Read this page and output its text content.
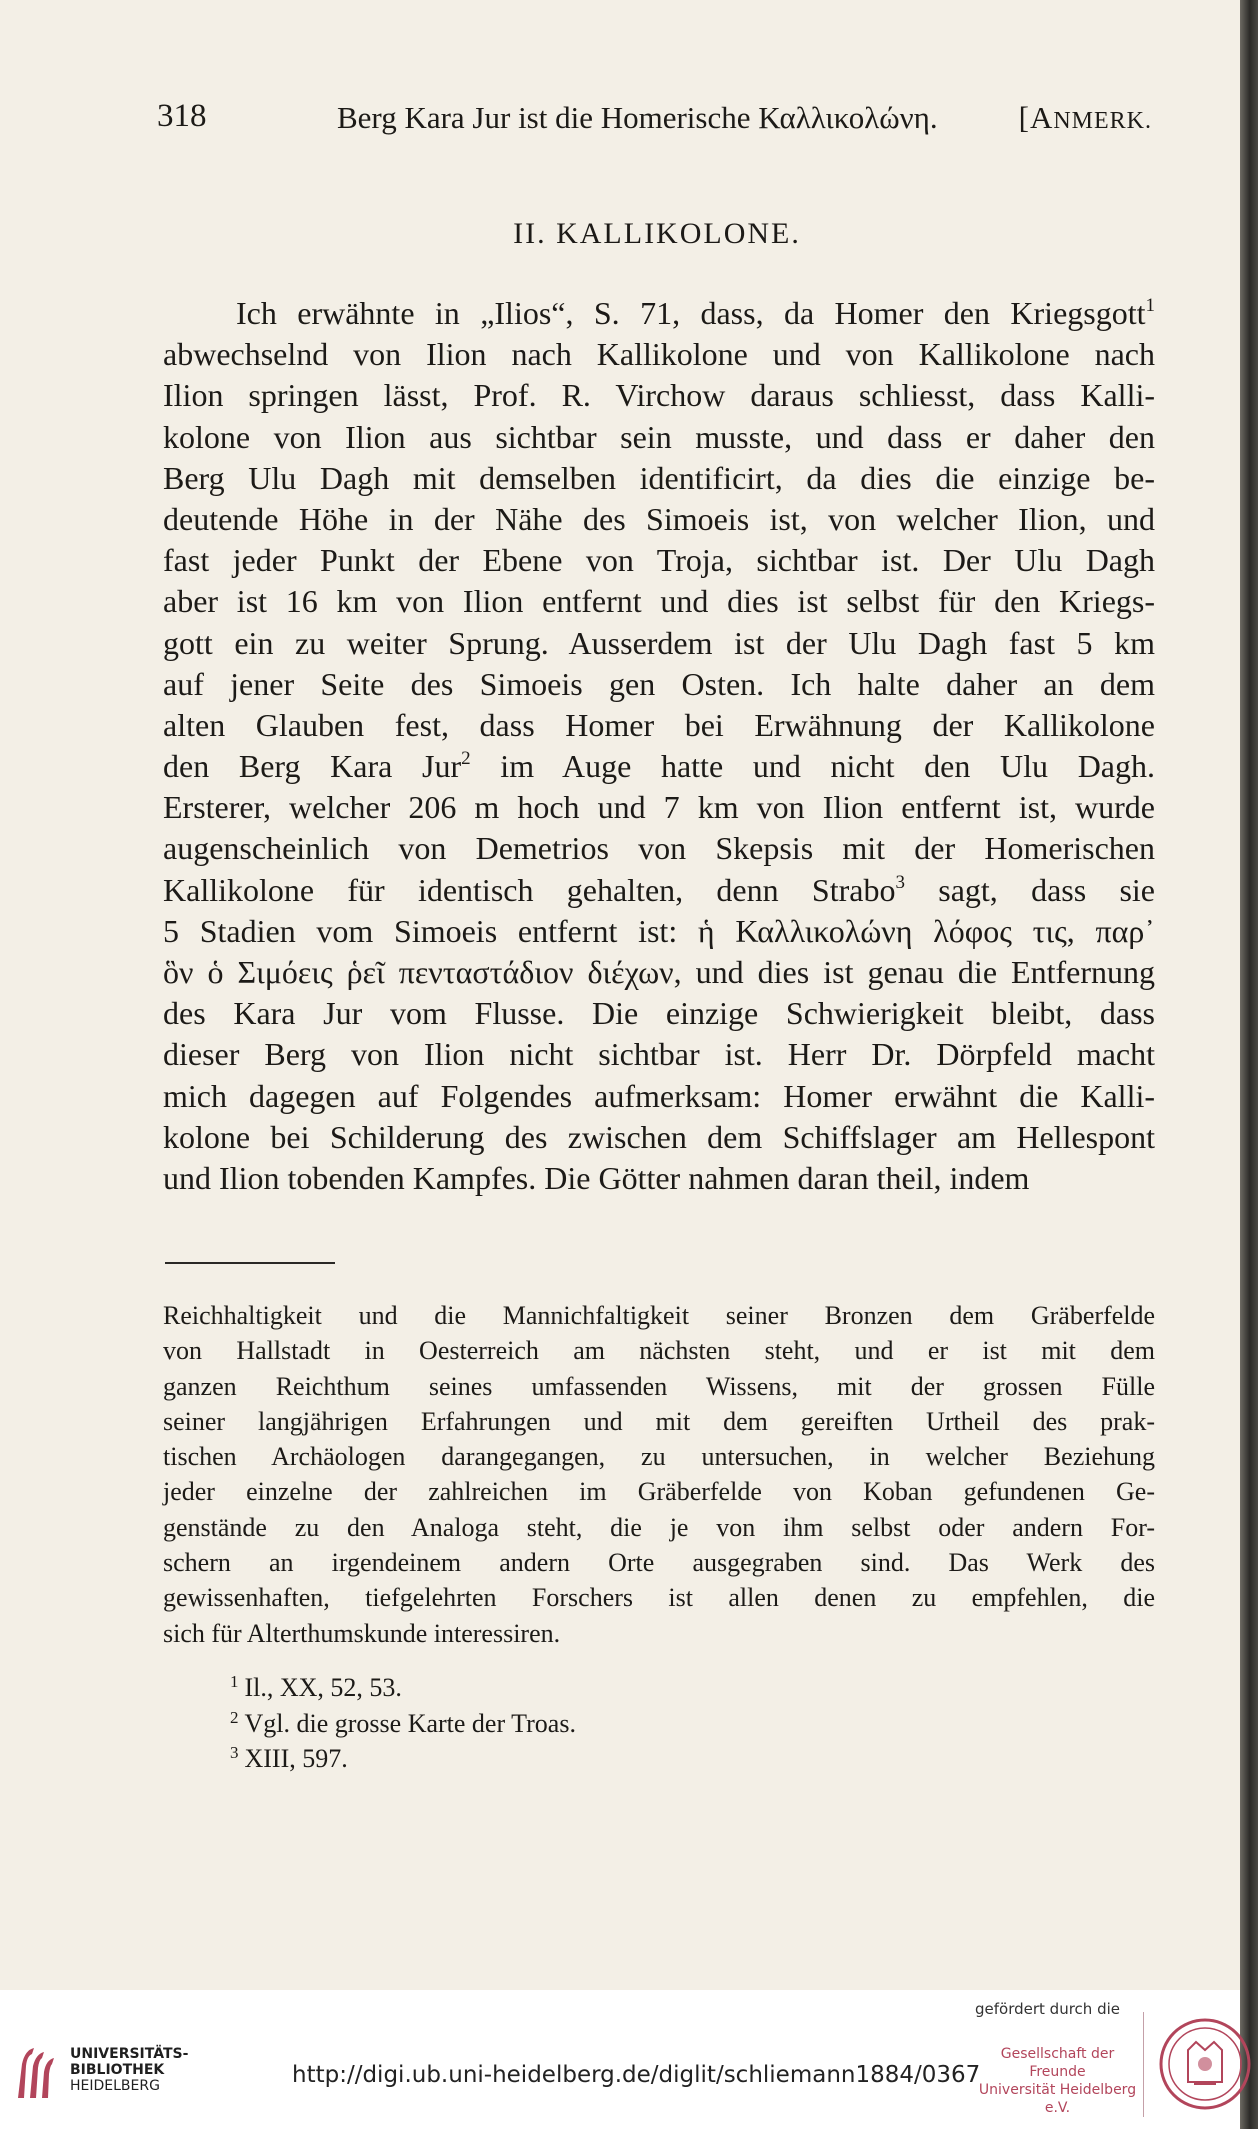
318	Berg Kara Jur ist die Homerische Καλλικολώνη.	[ANMERK.
II. KALLIKOLONE.
Ich erwähnte in „Ilios“, S. 71, dass, da Homer den Kriegsgott$^1$
abwechselnd von Ilion nach Kallikolone und von Kallikolone nach
Ilion springen lässt, Prof. R. Virchow daraus schliesst, dass Kalli-
kolone von Ilion aus sichtbar sein musste, und dass er daher den
Berg Ulu Dagh mit demselben identificirt, da dies die einzige be-
deutende Höhe in der Nähe des Simoeis ist, von welcher Ilion, und
fast jeder Punkt der Ebene von Troja, sichtbar ist. Der Ulu Dagh
aber ist 16 km von Ilion entfernt und dies ist selbst für den Kriegs-
gott ein zu weiter Sprung. Ausserdem ist der Ulu Dagh fast 5 km
auf jener Seite des Simoeis gen Osten. Ich halte daher an dem
alten Glauben fest, dass Homer bei Erwähnung der Kallikolone
den Berg Kara Jur$^2$ im Auge hatte und nicht den Ulu Dagh.
Ersterer, welcher 206 m hoch und 7 km von Ilion entfernt ist, wurde
augenscheinlich von Demetrios von Skepsis mit der Homerischen
Kallikolone für identisch gehalten, denn Strabo$^3$ sagt, dass sie
5 Stadien vom Simoeis entfernt ist: ἡ Καλλικολώνη λόφος τις, παρ᾽
ὃν ὁ Σιμόεις ῥεῖ πενταστάδιον διέχων, und dies ist genau die Entfernung
des Kara Jur vom Flusse. Die einzige Schwierigkeit bleibt, dass
dieser Berg von Ilion nicht sichtbar ist. Herr Dr. Dörpfeld macht
mich dagegen auf Folgendes aufmerksam: Homer erwähnt die Kalli-
kolone bei Schilderung des zwischen dem Schiffslager am Hellespont
und Ilion tobenden Kampfes. Die Götter nahmen daran theil, indem
Reichhaltigkeit und die Mannichfaltigkeit seiner Bronzen dem Gräberfelde
von Hallstadt in Oesterreich am nächsten steht, und er ist mit dem
ganzen Reichthum seines umfassenden Wissens, mit der grossen Fülle
seiner langjährigen Erfahrungen und mit dem gereiften Urtheil des prak-
tischen Archäologen darangegangen, zu untersuchen, in welcher Beziehung
jeder einzelne der zahlreichen im Gräberfelde von Koban gefundenen Ge-
genstände zu den Analoga steht, die je von ihm selbst oder andern For-
schern an irgendeinem andern Orte ausgegraben sind. Das Werk des
gewissenhaften, tiefgelehrten Forschers ist allen denen zu empfehlen, die
sich für Alterthumskunde interessiren.
$^1$ Il., XX, 52, 53.
$^2$ Vgl. die grosse Karte der Troas.
$^3$ XIII, 597.
UNIVERSITÄTS-
BIBLIOTHEK
HEIDELBERG	http://digi.ub.uni-heidelberg.de/diglit/schliemann1884/0367
gefördert durch die
Gesellschaft der Freunde
Universität Heidelberg e.V.
